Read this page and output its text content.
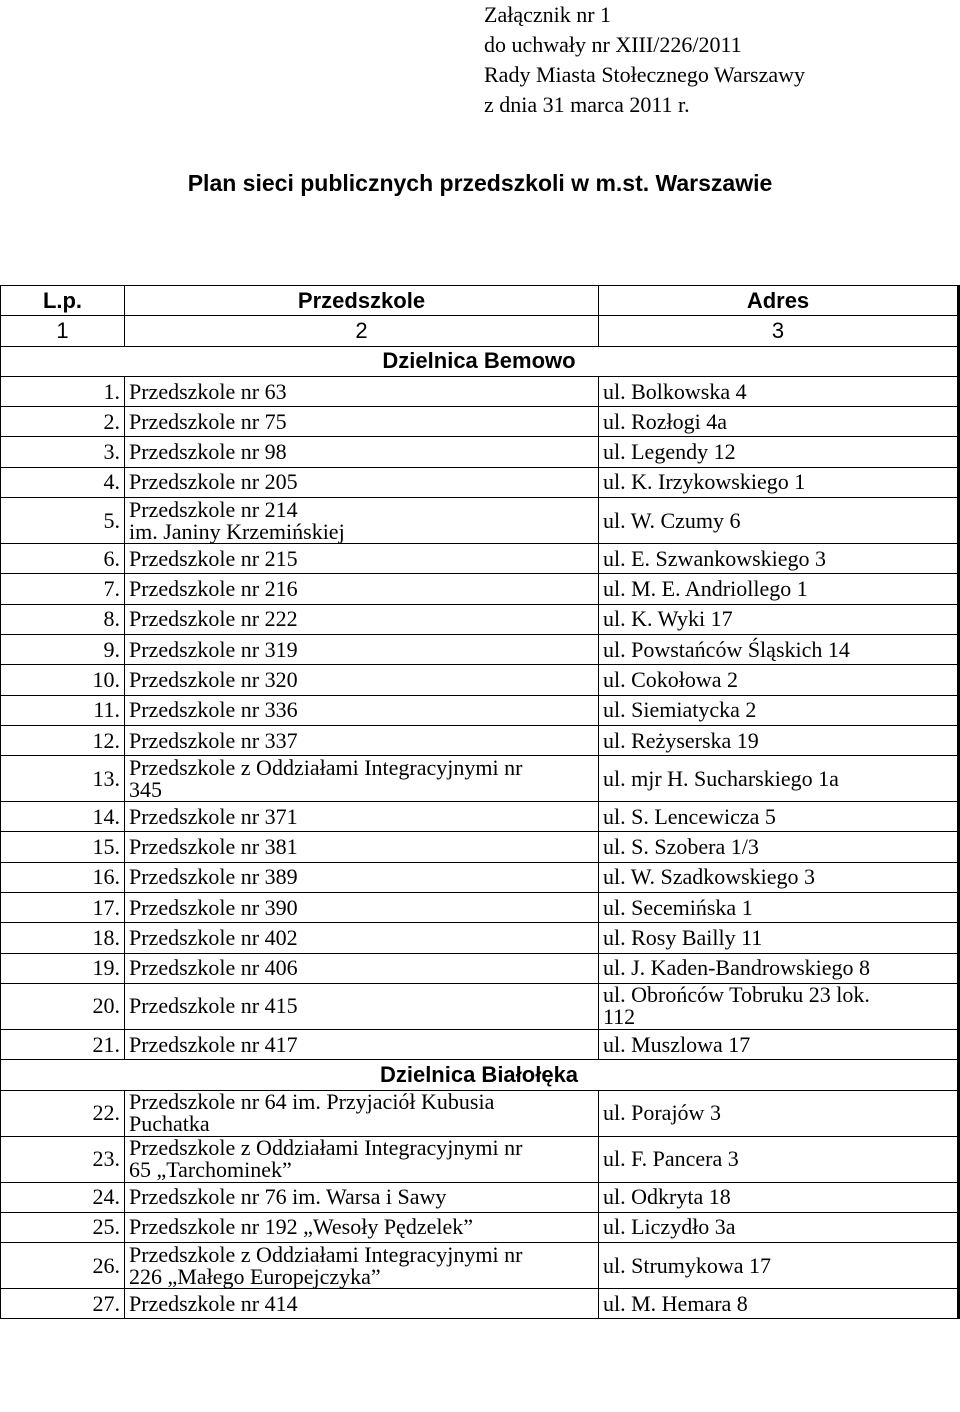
Załącznik nr 1
do uchwały nr XIII/226/2011
Rady Miasta Stołecznego Warszawy
z dnia 31 marca 2011 r.
Plan sieci publicznych przedszkoli w m.st. Warszawie
L.p.	Przedszkole	Adres
1	2	3
Dzielnica Bemowo		
1.	Przedszkole nr 63	ul. Bolkowska 4
2.	Przedszkole nr 75	ul. Rozłogi 4a
3.	Przedszkole nr 98	ul. Legendy 12
4.	Przedszkole nr 205	ul. K. Irzykowskiego 1
5.	Przedszkole nr 214
im. Janiny Krzemińskiej	ul. W. Czumy 6
6.	Przedszkole nr 215	ul. E. Szwankowskiego 3
7.	Przedszkole nr 216	ul. M. E. Andriollego 1
8.	Przedszkole nr 222	ul. K. Wyki 17
9.	Przedszkole nr 319	ul. Powstańców Śląskich 14
10.	Przedszkole nr 320	ul. Cokołowa 2
11.	Przedszkole nr 336	ul. Siemiatycka 2
12.	Przedszkole nr 337	ul. Reżyserska 19
13.	Przedszkole z Oddziałami Integracyjnymi nr
345	ul. mjr H. Sucharskiego 1a
14.	Przedszkole nr 371	ul. S. Lencewicza 5
15.	Przedszkole nr 381	ul. S. Szobera 1/3
16.	Przedszkole nr 389	ul. W. Szadkowskiego 3
17.	Przedszkole nr 390	ul. Secemińska 1
18.	Przedszkole nr 402	ul. Rosy Bailly 11
19.	Przedszkole nr 406	ul. J. Kaden-Bandrowskiego 8
20.	Przedszkole nr 415	ul. Obrońców Tobruku 23 lok.
112
21.	Przedszkole nr 417	ul. Muszlowa 17
Dzielnica Białołęka		
22.	Przedszkole nr 64 im. Przyjaciół Kubusia
Puchatka	ul. Porajów 3
23.	Przedszkole z Oddziałami Integracyjnymi nr
65 „Tarchominek”	ul. F. Pancera 3
24.	Przedszkole nr 76 im. Warsa i Sawy	ul. Odkryta 18
25.	Przedszkole nr 192 „Wesoły Pędzelek”	ul. Liczydło 3a
26.	Przedszkole z Oddziałami Integracyjnymi nr
226 „Małego Europejczyka”	ul. Strumykowa 17
27.	Przedszkole nr 414	ul. M. Hemara 8
